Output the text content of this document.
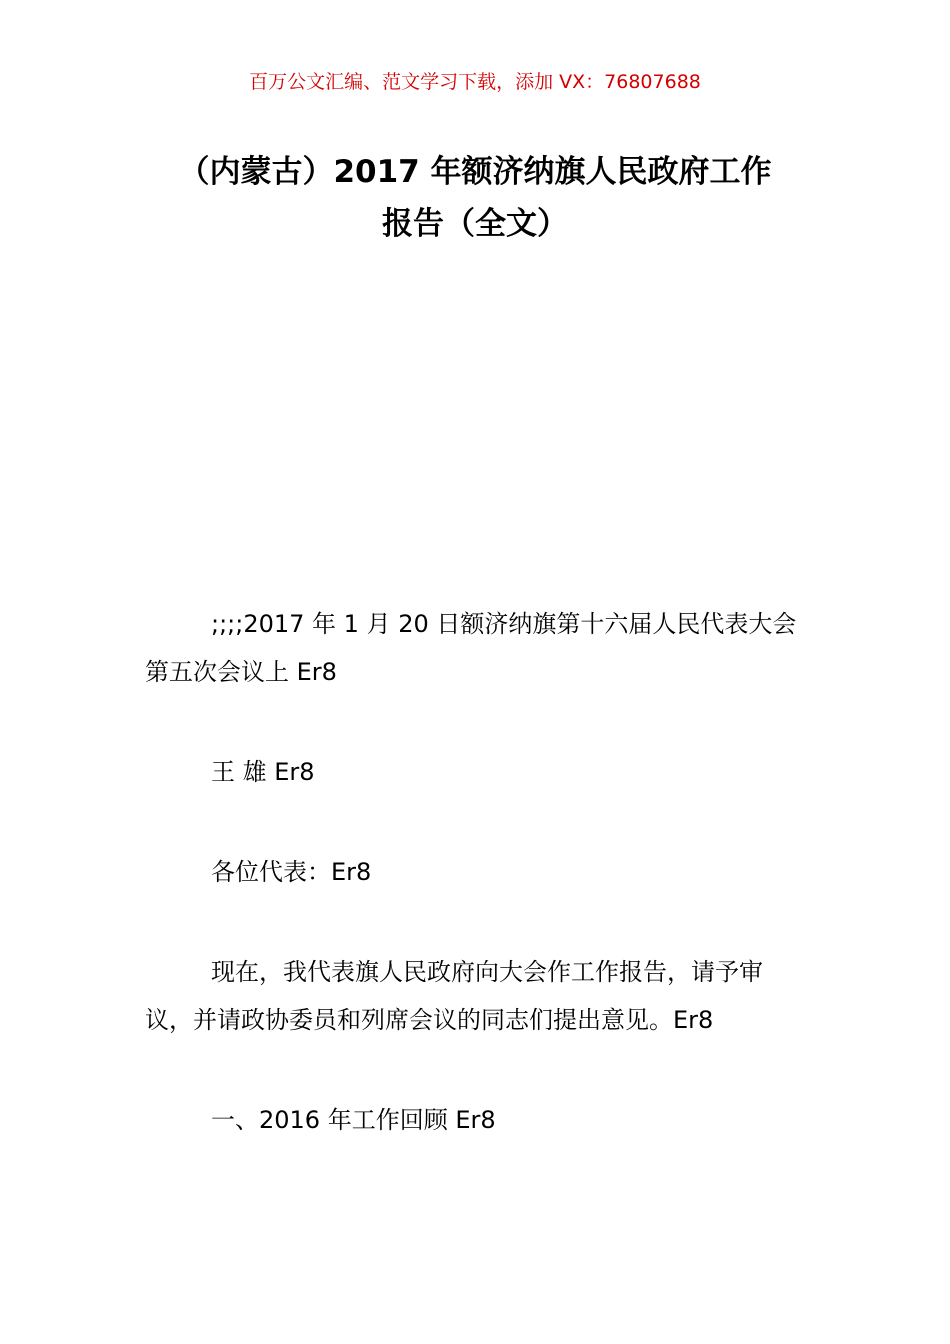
百万公文汇编、范文学习下载，添加 VX：76807688
（内蒙古）2017 年额济纳旗人民政府工作
报告（全文）

;;;;2017 年 1 月 20 日额济纳旗第十六届人民代表大会第五次会议上 Er8

王 雄 Er8

各位代表：Er8

现在，我代表旗人民政府向大会作工作报告，请予审议，并请政协委员和列席会议的同志们提出意见。Er8

一、2016 年工作回顾 Er8
